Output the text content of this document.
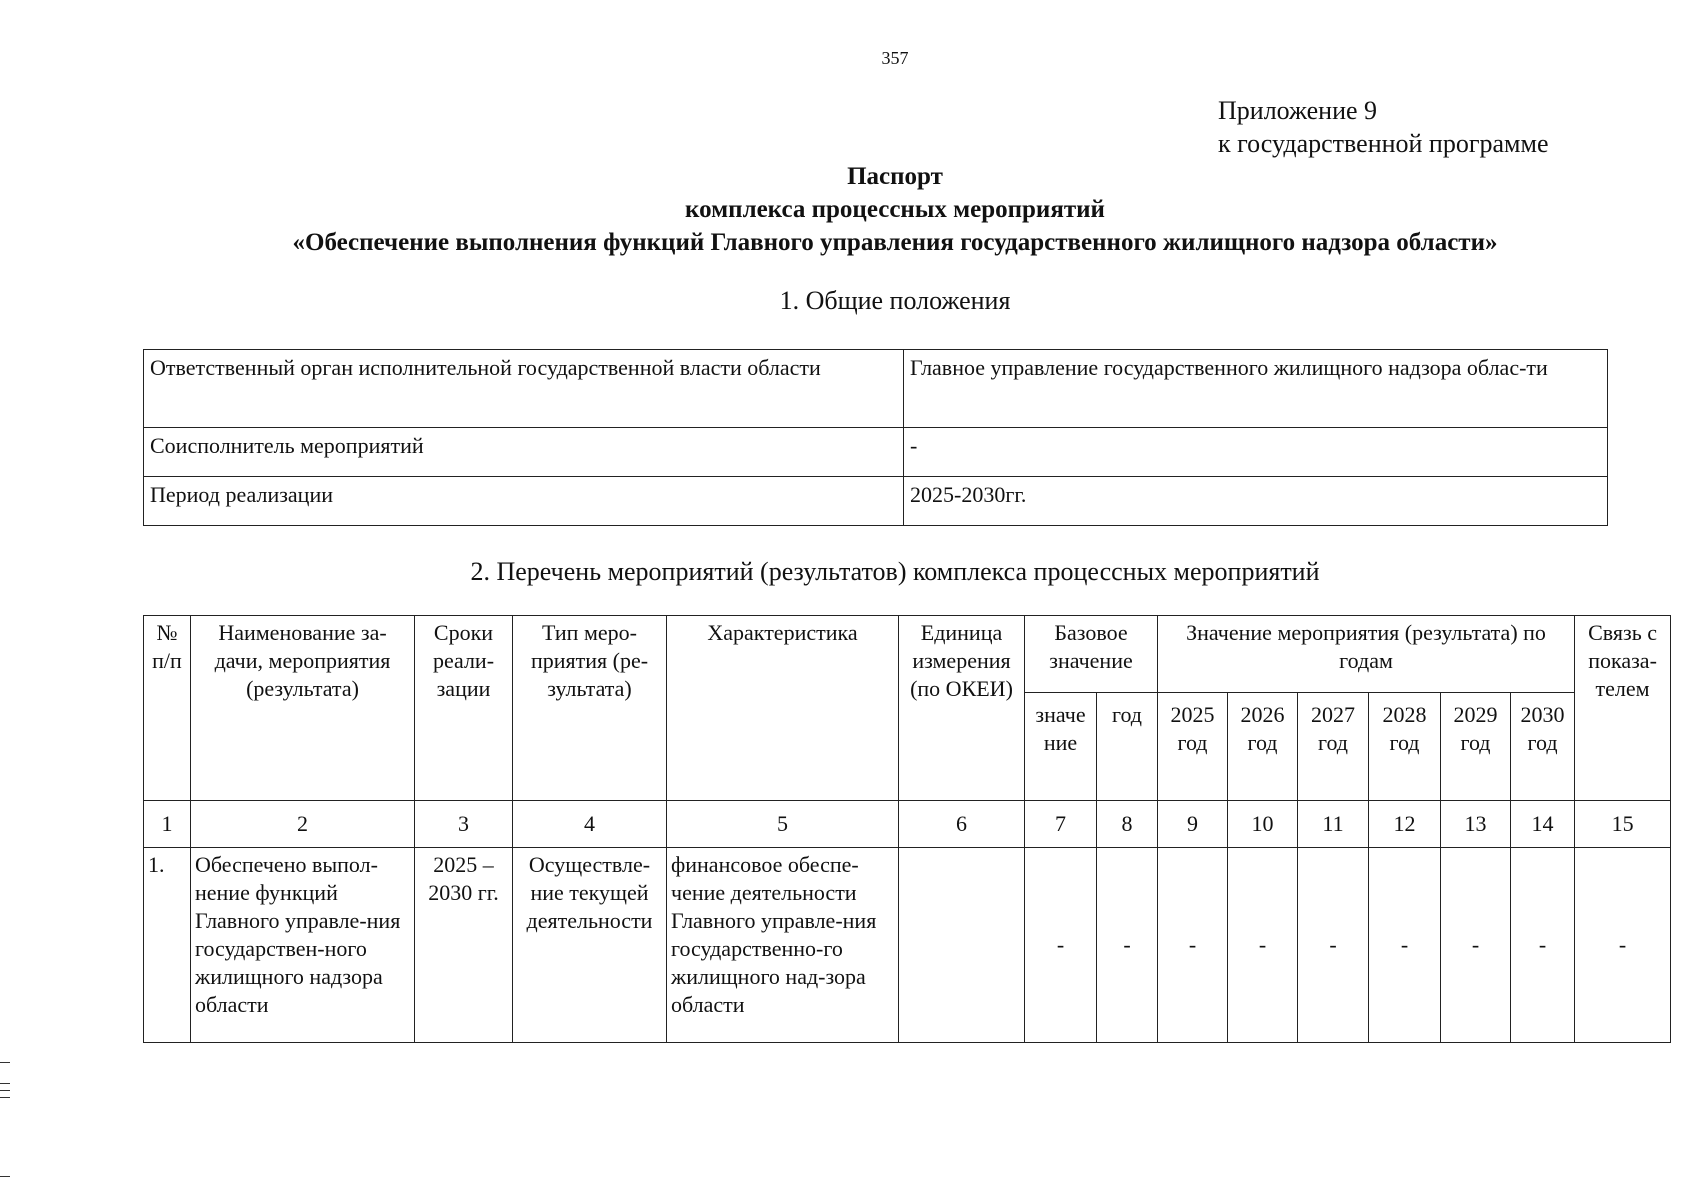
357
Приложение 9
к государственной программе
Паспорт
комплекса процессных мероприятий
«Обеспечение выполнения функций Главного управления государственного жилищного надзора области»
1. Общие положения
Ответственный орган исполнительной государственной власти области	Главное управление государственного жилищного надзора облас-ти
Соисполнитель мероприятий	-
Период реализации	2025-2030гг.
2. Перечень мероприятий (результатов) комплекса процессных мероприятий
№ п/п	Наименование за-дачи, мероприятия (результата)	Сроки реали-зации	Тип меро-приятия (ре-зультата)	Характеристика	Единица измерения (по ОКЕИ)	Базовое значение		Значение мероприятия (результата) по годам						Связь с показа-телем
						значе ние	год	2025 год	2026 год	2027 год	2028 год	2029 год	2030 год	
1	2	3	4	5	6	7	8	9	10	11	12	13	14	15
1.	Обеспечено выпол-нение функций Главного управле-ния государствен-ного жилищного надзора области	2025 – 2030 гг.	Осуществле-ние текущей деятельности	финансовое обеспе-чение деятельности Главного управле-ния государственно-го жилищного над-зора области		-	-	-	-	-	-	-	-	-
